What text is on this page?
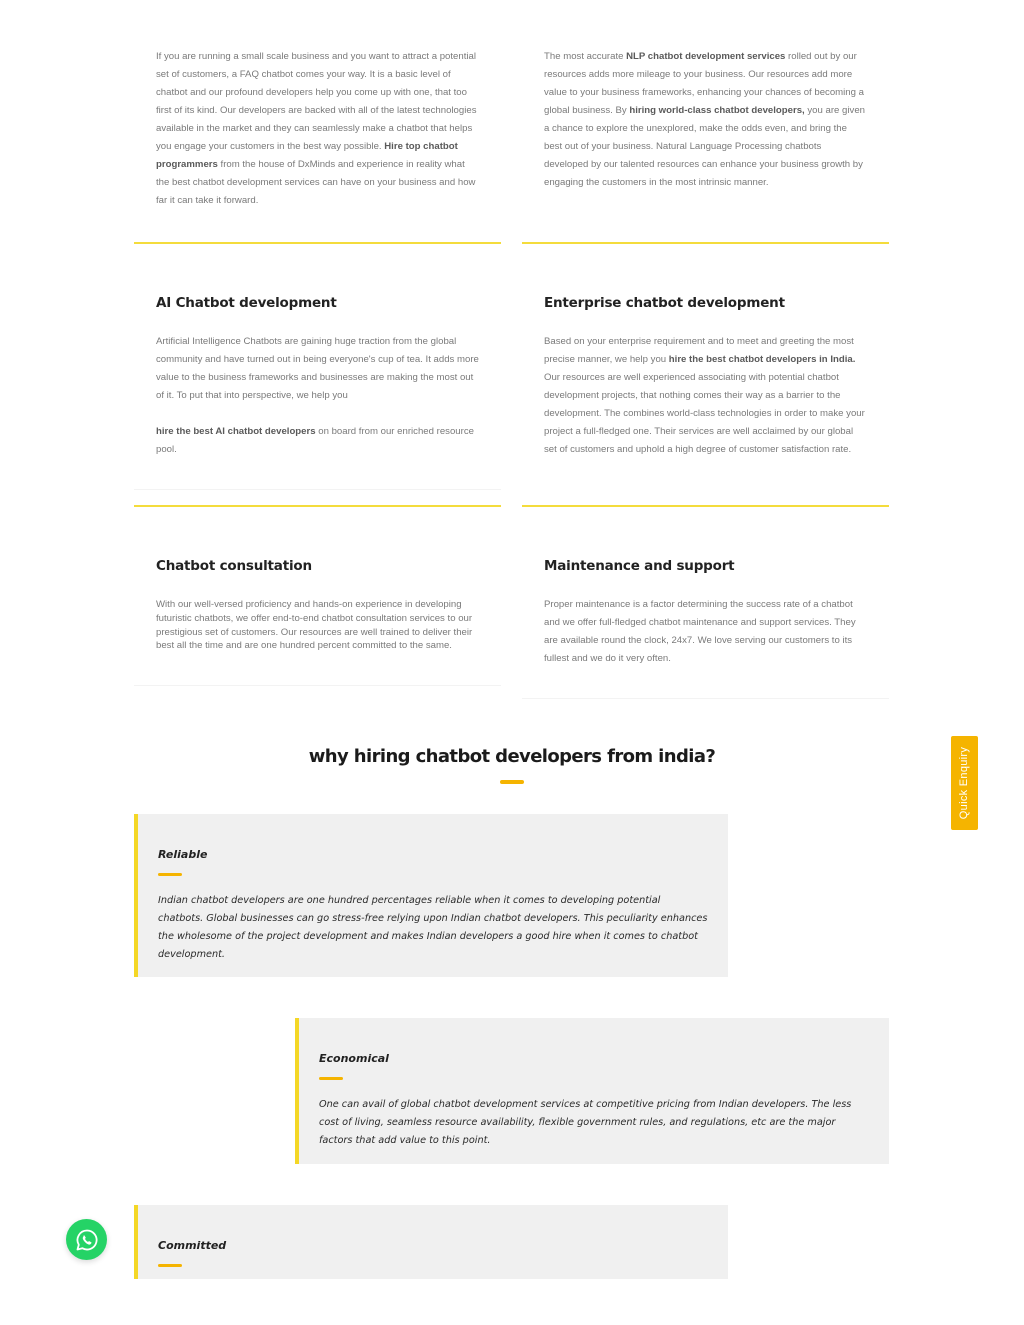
If you are running a small scale business and you want to attract a potential set of customers, a FAQ chatbot comes your way. It is a basic level of chatbot and our profound developers help you come up with one, that too first of its kind. Our developers are backed with all of the latest technologies available in the market and they can seamlessly make a chatbot that helps you engage your customers in the best way possible. Hire top chatbot programmers from the house of DxMinds and experience in reality what the best chatbot development services can have on your business and how far it can take it forward.

The most accurate NLP chatbot development services rolled out by our resources adds more mileage to your business. Our resources add more value to your business frameworks, enhancing your chances of becoming a global business. By hiring world-class chatbot developers, you are given a chance to explore the unexplored, make the odds even, and bring the best out of your business. Natural Language Processing chatbots developed by our talented resources can enhance your business growth by engaging the customers in the most intrinsic manner.

AI Chatbot development

Artificial Intelligence Chatbots are gaining huge traction from the global community and have turned out in being everyone's cup of tea. It adds more value to the business frameworks and businesses are making the most out of it. To put that into perspective, we help you
hire the best AI chatbot developers on board from our enriched resource pool.

Enterprise chatbot development

Based on your enterprise requirement and to meet and greeting the most precise manner, we help you hire the best chatbot developers in India. Our resources are well experienced associating with potential chatbot development projects, that nothing comes their way as a barrier to the development. The combines world-class technologies in order to make your project a full-fledged one. Their services are well acclaimed by our global set of customers and uphold a high degree of customer satisfaction rate.

Chatbot consultation

With our well-versed proficiency and hands-on experience in developing futuristic chatbots, we offer end-to-end chatbot consultation services to our prestigious set of customers. Our resources are well trained to deliver their best all the time and are one hundred percent committed to the same.

Maintenance and support

Proper maintenance is a factor determining the success rate of a chatbot and we offer full-fledged chatbot maintenance and support services. They are available round the clock, 24x7. We love serving our customers to its fullest and we do it very often.

why hiring chatbot developers from india?
Reliable

Indian chatbot developers are one hundred percentages reliable when it comes to developing potential chatbots. Global businesses can go stress-free relying upon Indian chatbot developers. This peculiarity enhances the wholesome of the project development and makes Indian developers a good hire when it comes to chatbot development.

Economical

One can avail of global chatbot development services at competitive pricing from Indian developers. The less cost of living, seamless resource availability, flexible government rules, and regulations, etc are the major factors that add value to this point.

Committed
Quick Enquiry
